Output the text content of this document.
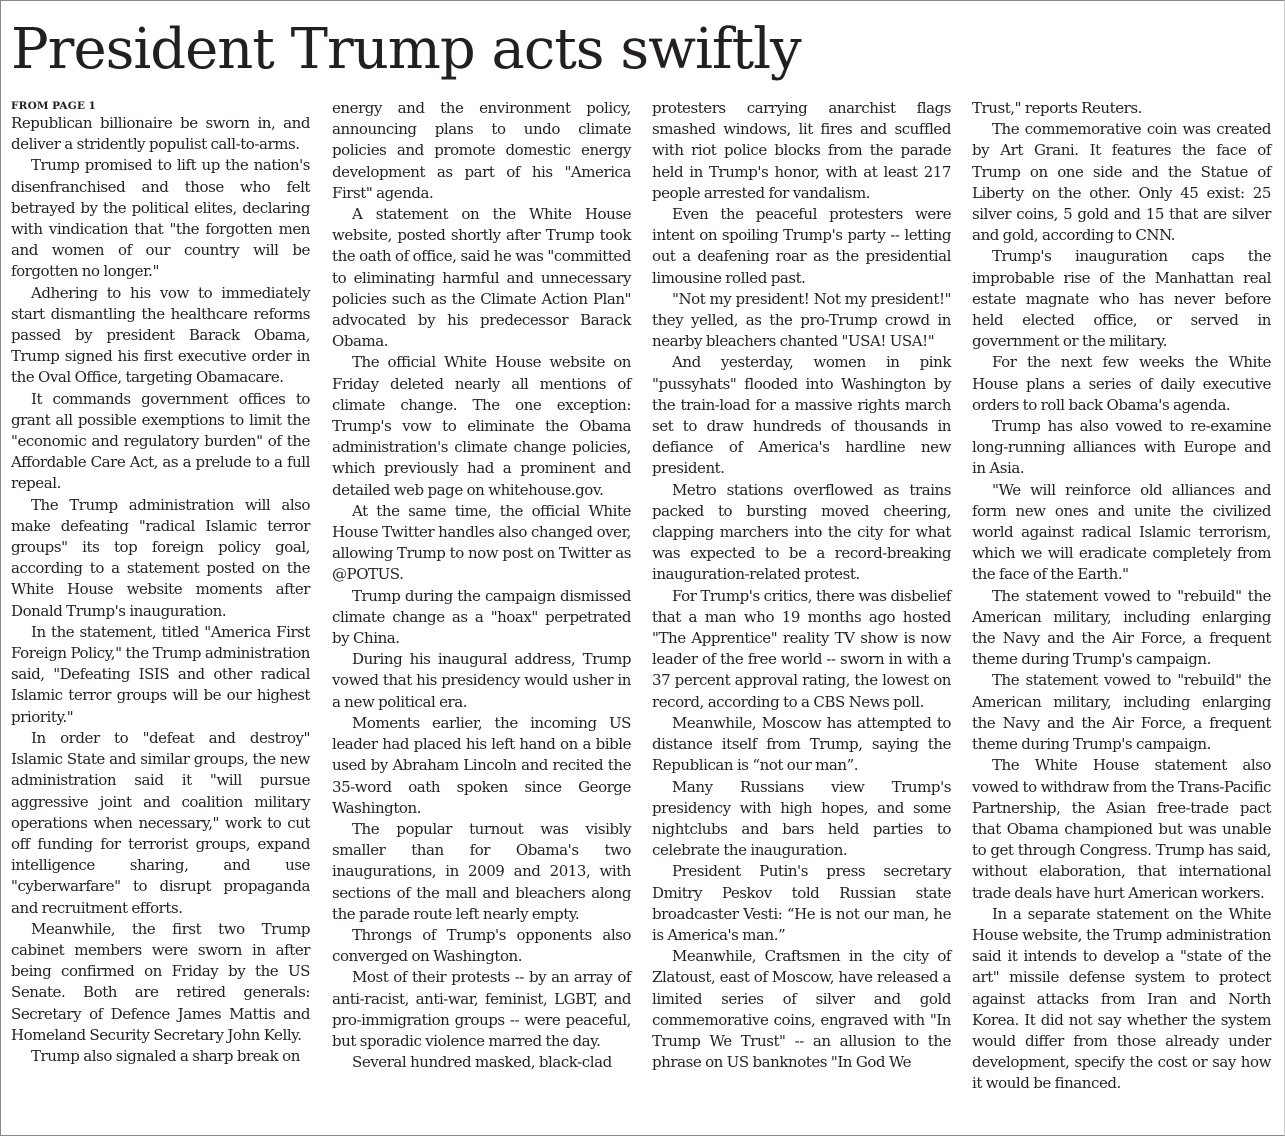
President Trump acts swiftly
FROM PAGE 1

Republican billionaire be sworn in, and deliver a stridently populist call-to-arms.

Trump promised to lift up the nation's disenfranchised and those who felt betrayed by the political elites, declaring with vindication that "the forgotten men and women of our country will be forgotten no longer."

Adhering to his vow to immediately start dismantling the healthcare reforms passed by president Barack Obama, Trump signed his first executive order in the Oval Office, targeting Obamacare.

It commands government offices to grant all possible exemptions to limit the "economic and regulatory burden" of the Affordable Care Act, as a prelude to a full repeal.

The Trump administration will also make defeating "radical Islamic terror groups" its top foreign policy goal, according to a statement posted on the White House website moments after Donald Trump's inauguration.

In the statement, titled "America First Foreign Policy," the Trump administration said, "Defeating ISIS and other radical Islamic terror groups will be our highest priority."

In order to "defeat and destroy" Islamic State and similar groups, the new administration said it "will pursue aggressive joint and coalition military operations when necessary," work to cut off funding for terrorist groups, expand intelligence sharing, and use "cyberwarfare" to disrupt propaganda and recruitment efforts.

Meanwhile, the first two Trump cabinet members were sworn in after being confirmed on Friday by the US Senate. Both are retired generals: Secretary of Defence James Mattis and Homeland Security Secretary John Kelly.

Trump also signaled a sharp break on

energy and the environment policy, announcing plans to undo climate policies and promote domestic energy development as part of his "America First" agenda.

A statement on the White House website, posted shortly after Trump took the oath of office, said he was "committed to eliminating harmful and unnecessary policies such as the Climate Action Plan" advocated by his predecessor Barack Obama.

The official White House website on Friday deleted nearly all mentions of climate change. The one exception: Trump's vow to eliminate the Obama administration's climate change policies, which previously had a prominent and detailed web page on whitehouse.gov.

At the same time, the official White House Twitter handles also changed over, allowing Trump to now post on Twitter as @POTUS.

Trump during the campaign dismissed climate change as a "hoax" perpetrated by China.

During his inaugural address, Trump vowed that his presidency would usher in a new political era.

Moments earlier, the incoming US leader had placed his left hand on a bible used by Abraham Lincoln and recited the 35-word oath spoken since George Washington.

The popular turnout was visibly smaller than for Obama's two inaugurations, in 2009 and 2013, with sections of the mall and bleachers along the parade route left nearly empty.

Throngs of Trump's opponents also converged on Washington.

Most of their protests -- by an array of anti-racist, anti-war, feminist, LGBT, and pro-immigration groups -- were peaceful, but sporadic violence marred the day.

Several hundred masked, black-clad

protesters carrying anarchist flags smashed windows, lit fires and scuffled with riot police blocks from the parade held in Trump's honor, with at least 217 people arrested for vandalism.

Even the peaceful protesters were intent on spoiling Trump's party -- letting out a deafening roar as the presidential limousine rolled past.

"Not my president! Not my president!" they yelled, as the pro-Trump crowd in nearby bleachers chanted "USA! USA!"

And yesterday, women in pink "pussyhats" flooded into Washington by the train-load for a massive rights march set to draw hundreds of thousands in defiance of America's hardline new president.

Metro stations overflowed as trains packed to bursting moved cheering, clapping marchers into the city for what was expected to be a record-breaking inauguration-related protest.

For Trump's critics, there was disbelief that a man who 19 months ago hosted "The Apprentice" reality TV show is now leader of the free world -- sworn in with a 37 percent approval rating, the lowest on record, according to a CBS News poll.

Meanwhile, Moscow has attempted to distance itself from Trump, saying the Republican is “not our man”.

Many Russians view Trump's presidency with high hopes, and some nightclubs and bars held parties to celebrate the inauguration.

President Putin's press secretary Dmitry Peskov told Russian state broadcaster Vesti: “He is not our man, he is America's man.”

Meanwhile, Craftsmen in the city of Zlatoust, east of Moscow, have released a limited series of silver and gold commemorative coins, engraved with "In Trump We Trust" -- an allusion to the phrase on US banknotes "In God We

Trust," reports Reuters.

The commemorative coin was created by Art Grani. It features the face of Trump on one side and the Statue of Liberty on the other. Only 45 exist: 25 silver coins, 5 gold and 15 that are silver and gold, according to CNN.

Trump's inauguration caps the improbable rise of the Manhattan real estate magnate who has never before held elected office, or served in government or the military.

For the next few weeks the White House plans a series of daily executive orders to roll back Obama's agenda.

Trump has also vowed to re-examine long-running alliances with Europe and in Asia.

"We will reinforce old alliances and form new ones and unite the civilized world against radical Islamic terrorism, which we will eradicate completely from the face of the Earth."

The statement vowed to "rebuild" the American military, including enlarging the Navy and the Air Force, a frequent theme during Trump's campaign.

The statement vowed to "rebuild" the American military, including enlarging the Navy and the Air Force, a frequent theme during Trump's campaign.

The White House statement also vowed to withdraw from the Trans-Pacific Partnership, the Asian free-trade pact that Obama championed but was unable to get through Congress. Trump has said, without elaboration, that international trade deals have hurt American workers.

In a separate statement on the White House website, the Trump administration said it intends to develop a "state of the art" missile defense system to protect against attacks from Iran and North Korea. It did not say whether the system would differ from those already under development, specify the cost or say how it would be financed.
